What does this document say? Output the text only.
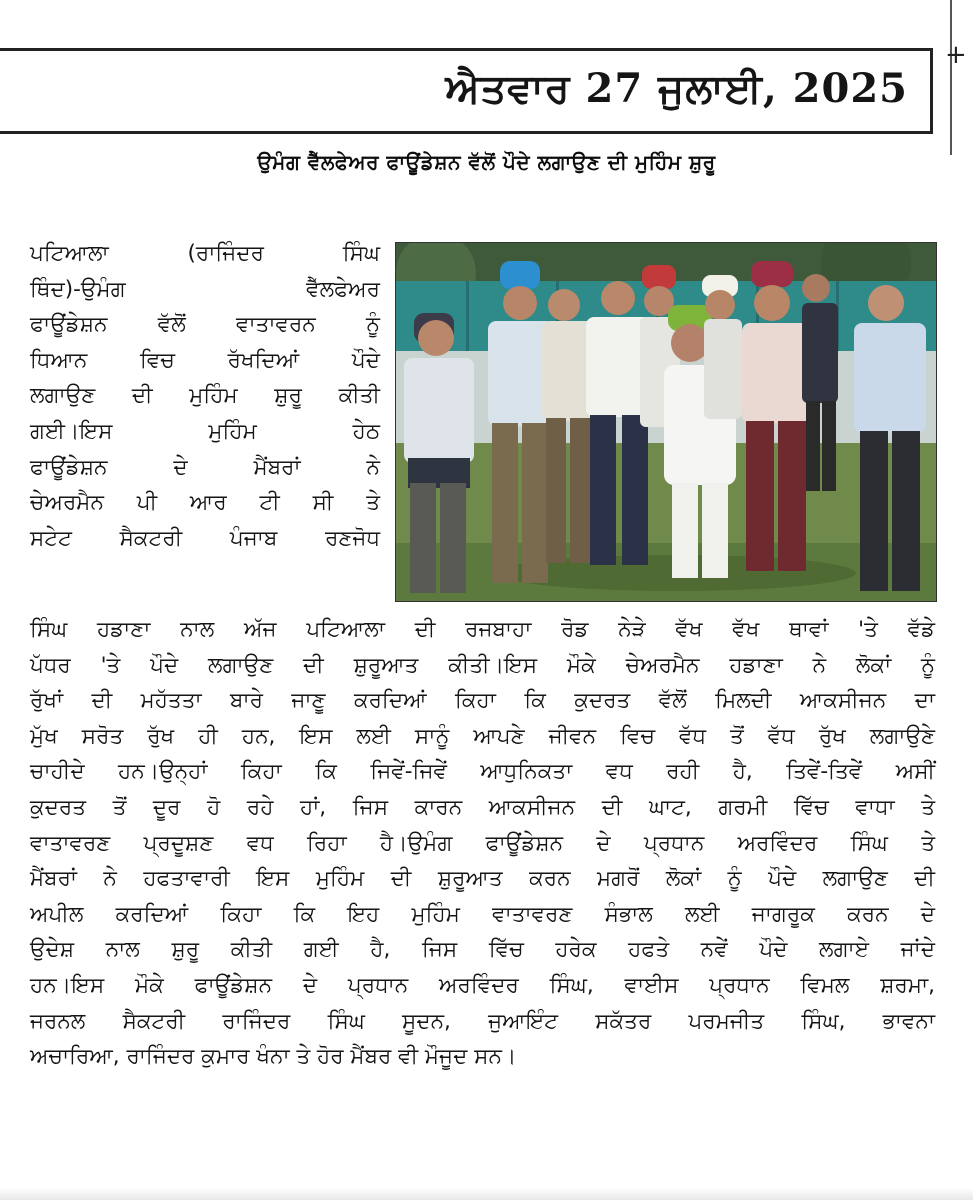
+
ਐਤਵਾਰ 27 ਜੁਲਾਈ, 2025
ਉਮੰਗ ਵੈੱਲਫੇਅਰ ਫਾਊਂਡੇਸ਼ਨ ਵੱਲੋਂ ਪੌਦੇ ਲਗਾਉਣ ਦੀ ਮੁਹਿੰਮ ਸ਼ੁਰੂ
ਪਟਿਆਲਾ (ਰਾਜਿੰਦਰ ਸਿੰਘ
ਥਿੰਦ)-ਉਮੰਗ ਵੈੱਲਫੇਅਰ
ਫਾਊਂਡੇਸ਼ਨ ਵੱਲੋਂ ਵਾਤਾਵਰਨ ਨੂੰ
ਧਿਆਨ ਵਿਚ ਰੱਖਦਿਆਂ ਪੌਦੇ
ਲਗਾਉਣ ਦੀ ਮੁਹਿੰਮ ਸ਼ੁਰੂ ਕੀਤੀ
ਗਈ।ਇਸ ਮੁਹਿੰਮ ਹੇਠ
ਫਾਊਂਡੇਸ਼ਨ ਦੇ ਮੈਂਬਰਾਂ ਨੇ
ਚੇਅਰਮੈਨ ਪੀ ਆਰ ਟੀ ਸੀ ਤੇ
ਸਟੇਟ ਸੈਕਟਰੀ ਪੰਜਾਬ ਰਣਜੋਧ
ਸਿੰਘ ਹਡਾਣਾ ਨਾਲ ਅੱਜ ਪਟਿਆਲਾ ਦੀ ਰਜਬਾਹਾ ਰੋਡ ਨੇੜੇ ਵੱਖ ਵੱਖ ਥਾਵਾਂ 'ਤੇ ਵੱਡੇ
ਪੱਧਰ 'ਤੇ ਪੌਦੇ ਲਗਾਉਣ ਦੀ ਸ਼ੁਰੂਆਤ ਕੀਤੀ।ਇਸ ਮੌਕੇ ਚੇਅਰਮੈਨ ਹਡਾਣਾ ਨੇ ਲੋਕਾਂ ਨੂੰ
ਰੁੱਖਾਂ ਦੀ ਮਹੱਤਤਾ ਬਾਰੇ ਜਾਣੂ ਕਰਦਿਆਂ ਕਿਹਾ ਕਿ ਕੁਦਰਤ ਵੱਲੋਂ ਮਿਲਦੀ ਆਕਸੀਜਨ ਦਾ
ਮੁੱਖ ਸਰੋਤ ਰੁੱਖ ਹੀ ਹਨ, ਇਸ ਲਈ ਸਾਨੂੰ ਆਪਣੇ ਜੀਵਨ ਵਿਚ ਵੱਧ ਤੋਂ ਵੱਧ ਰੁੱਖ ਲਗਾਉਣੇ
ਚਾਹੀਦੇ ਹਨ।ਉਨ੍ਹਾਂ ਕਿਹਾ ਕਿ ਜਿਵੇਂ-ਜਿਵੇਂ ਆਧੁਨਿਕਤਾ ਵਧ ਰਹੀ ਹੈ, ਤਿਵੇਂ-ਤਿਵੇਂ ਅਸੀਂ
ਕੁਦਰਤ ਤੋਂ ਦੂਰ ਹੋ ਰਹੇ ਹਾਂ, ਜਿਸ ਕਾਰਨ ਆਕਸੀਜਨ ਦੀ ਘਾਟ, ਗਰਮੀ ਵਿੱਚ ਵਾਧਾ ਤੇ
ਵਾਤਾਵਰਣ ਪ੍ਰਦੂਸ਼ਣ ਵਧ ਰਿਹਾ ਹੈ।ਉਮੰਗ ਫਾਊਂਡੇਸ਼ਨ ਦੇ ਪ੍ਰਧਾਨ ਅਰਵਿੰਦਰ ਸਿੰਘ ਤੇ
ਮੈਂਬਰਾਂ ਨੇ ਹਫਤਾਵਾਰੀ ਇਸ ਮੁਹਿੰਮ ਦੀ ਸ਼ੁਰੂਆਤ ਕਰਨ ਮਗਰੋਂ ਲੋਕਾਂ ਨੂੰ ਪੌਦੇ ਲਗਾਉਣ ਦੀ
ਅਪੀਲ ਕਰਦਿਆਂ ਕਿਹਾ ਕਿ ਇਹ ਮੁਹਿੰਮ ਵਾਤਾਵਰਣ ਸੰਭਾਲ ਲਈ ਜਾਗਰੂਕ ਕਰਨ ਦੇ
ਉਦੇਸ਼ ਨਾਲ ਸ਼ੁਰੂ ਕੀਤੀ ਗਈ ਹੈ, ਜਿਸ ਵਿੱਚ ਹਰੇਕ ਹਫਤੇ ਨਵੇਂ ਪੌਦੇ ਲਗਾਏ ਜਾਂਦੇ
ਹਨ।ਇਸ ਮੌਕੇ ਫਾਊਂਡੇਸ਼ਨ ਦੇ ਪ੍ਰਧਾਨ ਅਰਵਿੰਦਰ ਸਿੰਘ, ਵਾਈਸ ਪ੍ਰਧਾਨ ਵਿਮਲ ਸ਼ਰਮਾ,
ਜਰਨਲ ਸੈਕਟਰੀ ਰਾਜਿੰਦਰ ਸਿੰਘ ਸੂਦਨ, ਜੁਆਇੰਟ ਸਕੱਤਰ ਪਰਮਜੀਤ ਸਿੰਘ, ਭਾਵਨਾ
ਅਚਾਰਿਆ, ਰਾਜਿੰਦਰ ਕੁਮਾਰ ਖੰਨਾ ਤੇ ਹੋਰ ਮੈਂਬਰ ਵੀ ਮੌਜੂਦ ਸਨ।
